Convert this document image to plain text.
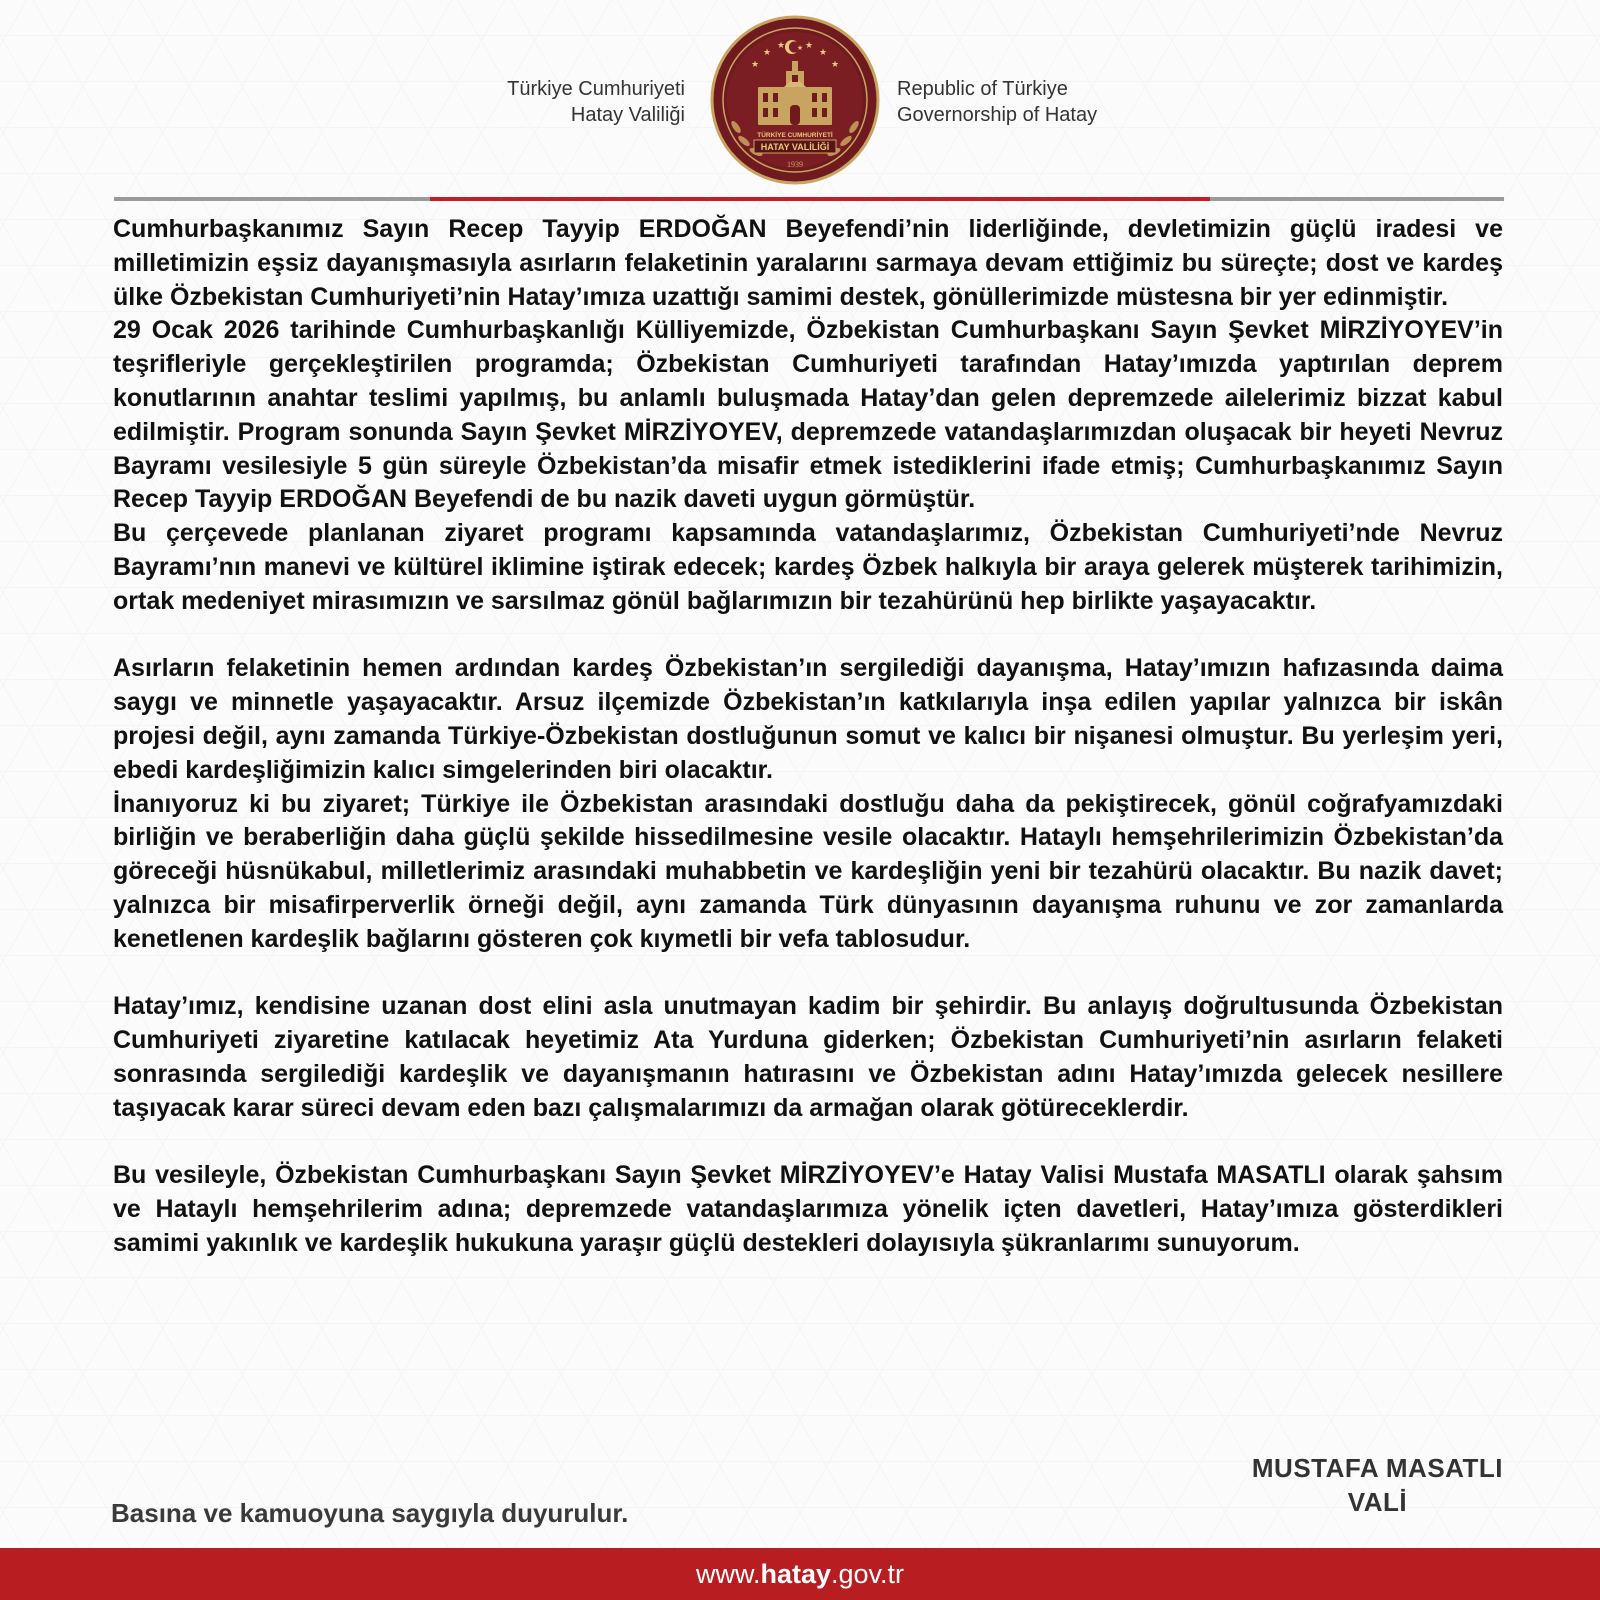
Türkiye Cumhuriyeti
Hatay Valiliği
★
★
★ ★
★
★
★
TÜRKİYE CUMHURİYETİ
HATAY VALİLİĞİ
1939
Republic of Türkiye
Governorship of Hatay

Cumhurbaşkanımız Sayın Recep Tayyip ERDOĞAN Beyefendi’nin liderliğinde, devletimizin güçlü iradesi ve milletimizin eşsiz dayanışmasıyla asırların felaketinin yaralarını sarmaya devam ettiğimiz bu süreçte; dost ve kardeş ülke Özbekistan Cumhuriyeti’nin Hatay’ımıza uzattığı samimi destek, gönüllerimizde müstesna bir yer edinmiştir.

29 Ocak 2026 tarihinde Cumhurbaşkanlığı Külliyemizde, Özbekistan Cumhurbaşkanı Sayın Şevket MİRZİYOYEV’in teşrifleriyle gerçekleştirilen programda; Özbekistan Cumhuriyeti tarafından Hatay’ımızda yaptırılan deprem konutlarının anahtar teslimi yapılmış, bu anlamlı buluşmada Hatay’dan gelen depremzede ailelerimiz bizzat kabul edilmiştir. Program sonunda Sayın Şevket MİRZİYOYEV, depremzede vatandaşlarımızdan oluşacak bir heyeti Nevruz Bayramı vesilesiyle 5 gün süreyle Özbekistan’da misafir etmek istediklerini ifade etmiş; Cumhurbaşkanımız Sayın Recep Tayyip ERDOĞAN Beyefendi de bu nazik daveti uygun görmüştür.

Bu çerçevede planlanan ziyaret programı kapsamında vatandaşlarımız, Özbekistan Cumhuriyeti’nde Nevruz Bayramı’nın manevi ve kültürel iklimine iştirak edecek; kardeş Özbek halkıyla bir araya gelerek müşterek tarihimizin, ortak medeniyet mirasımızın ve sarsılmaz gönül bağlarımızın bir tezahürünü hep birlikte yaşayacaktır.

Asırların felaketinin hemen ardından kardeş Özbekistan’ın sergilediği dayanışma, Hatay’ımızın hafızasında daima saygı ve minnetle yaşayacaktır. Arsuz ilçemizde Özbekistan’ın katkılarıyla inşa edilen yapılar yalnızca bir iskân projesi değil, aynı zamanda Türkiye-Özbekistan dostluğunun somut ve kalıcı bir nişanesi olmuştur. Bu yerleşim yeri, ebedi kardeşliğimizin kalıcı simgelerinden biri olacaktır.

İnanıyoruz ki bu ziyaret; Türkiye ile Özbekistan arasındaki dostluğu daha da pekiştirecek, gönül coğrafyamızdaki birliğin ve beraberliğin daha güçlü şekilde hissedilmesine vesile olacaktır. Hataylı hemşehrilerimizin Özbekistan’da göreceği hüsnükabul, milletlerimiz arasındaki muhabbetin ve kardeşliğin yeni bir tezahürü olacaktır. Bu nazik davet; yalnızca bir misafirperverlik örneği değil, aynı zamanda Türk dünyasının dayanışma ruhunu ve zor zamanlarda kenetlenen kardeşlik bağlarını gösteren çok kıymetli bir vefa tablosudur.

Hatay’ımız, kendisine uzanan dost elini asla unutmayan kadim bir şehirdir. Bu anlayış doğrultusunda Özbekistan Cumhuriyeti ziyaretine katılacak heyetimiz Ata Yurduna giderken; Özbekistan Cumhuriyeti’nin asırların felaketi sonrasında sergilediği kardeşlik ve dayanışmanın hatırasını ve Özbekistan adını Hatay’ımızda gelecek nesillere taşıyacak karar süreci devam eden bazı çalışmalarımızı da armağan olarak götüreceklerdir.

Bu vesileyle, Özbekistan Cumhurbaşkanı Sayın Şevket MİRZİYOYEV’e Hatay Valisi Mustafa MASATLI olarak şahsım ve Hataylı hemşehrilerim adına; depremzede vatandaşlarımıza yönelik içten davetleri, Hatay’ımıza gösterdikleri samimi yakınlık ve kardeşlik hukukuna yaraşır güçlü destekleri dolayısıyla şükranlarımı sunuyorum.

MUSTAFA MASATLI
VALİ
Basına ve kamuoyuna saygıyla duyurulur.
www.hatay.gov.tr
